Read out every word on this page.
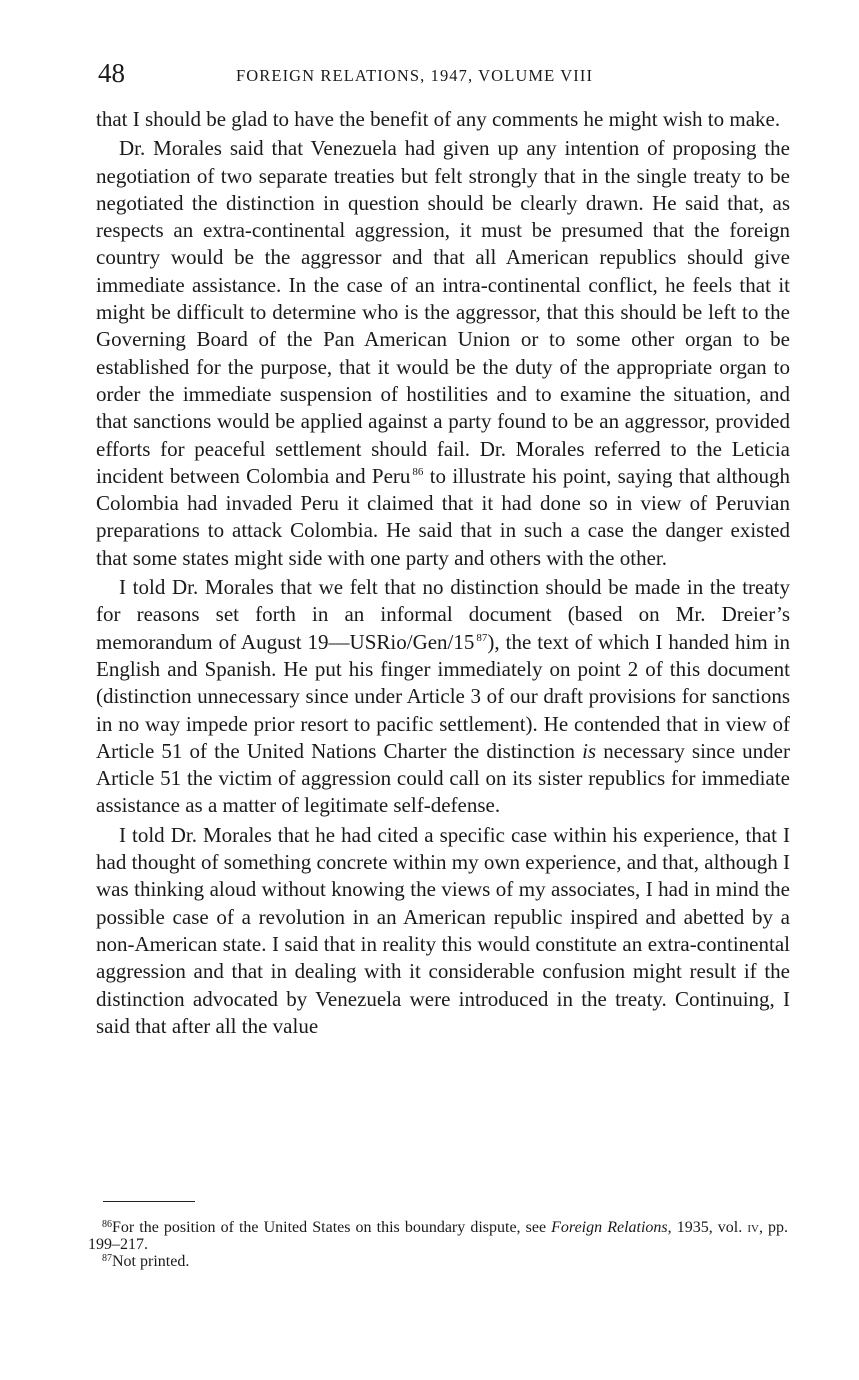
48	FOREIGN RELATIONS, 1947, VOLUME VIII

that I should be glad to have the benefit of any comments he might wish to make.

Dr. Morales said that Venezuela had given up any intention of proposing the negotiation of two separate treaties but felt strongly that in the single treaty to be negotiated the distinction in question should be clearly drawn. He said that, as respects an extra-continental aggression, it must be presumed that the foreign country would be the aggressor and that all American republics should give immediate assistance. In the case of an intra-continental conflict, he feels that it might be difficult to determine who is the aggressor, that this should be left to the Governing Board of the Pan American Union or to some other organ to be established for the purpose, that it would be the duty of the appropriate organ to order the immediate suspension of hostilities and to examine the situation, and that sanctions would be applied against a party found to be an aggressor, provided efforts for peaceful settlement should fail. Dr. Morales referred to the Leticia incident between Colombia and Peru $^{86}$ to illustrate his point, saying that although Colombia had invaded Peru it claimed that it had done so in view of Peruvian preparations to attack Colombia. He said that in such a case the danger existed that some states might side with one party and others with the other.

I told Dr. Morales that we felt that no distinction should be made in the treaty for reasons set forth in an informal document (based on Mr. Dreier’s memorandum of August 19—USRio/Gen/15 $^{87}$), the text of which I handed him in English and Spanish. He put his finger immediately on point 2 of this document (distinction unnecessary since under Article 3 of our draft provisions for sanctions in no way impede prior resort to pacific settlement). He contended that in view of Article 51 of the United Nations Charter the distinction is necessary since under Article 51 the victim of aggression could call on its sister republics for immediate assistance as a matter of legitimate self-defense.

I told Dr. Morales that he had cited a specific case within his experience, that I had thought of something concrete within my own experience, and that, although I was thinking aloud without knowing the views of my associates, I had in mind the possible case of a revolution in an American republic inspired and abetted by a non-American state. I said that in reality this would constitute an extra-continental aggression and that in dealing with it considerable confusion might result if the distinction advocated by Venezuela were introduced in the treaty. Continuing, I said that after all the value

$^{86}$For the position of the United States on this boundary dispute, see Foreign Relations, 1935, vol. iv, pp. 199–217.

$^{87}$Not printed.
